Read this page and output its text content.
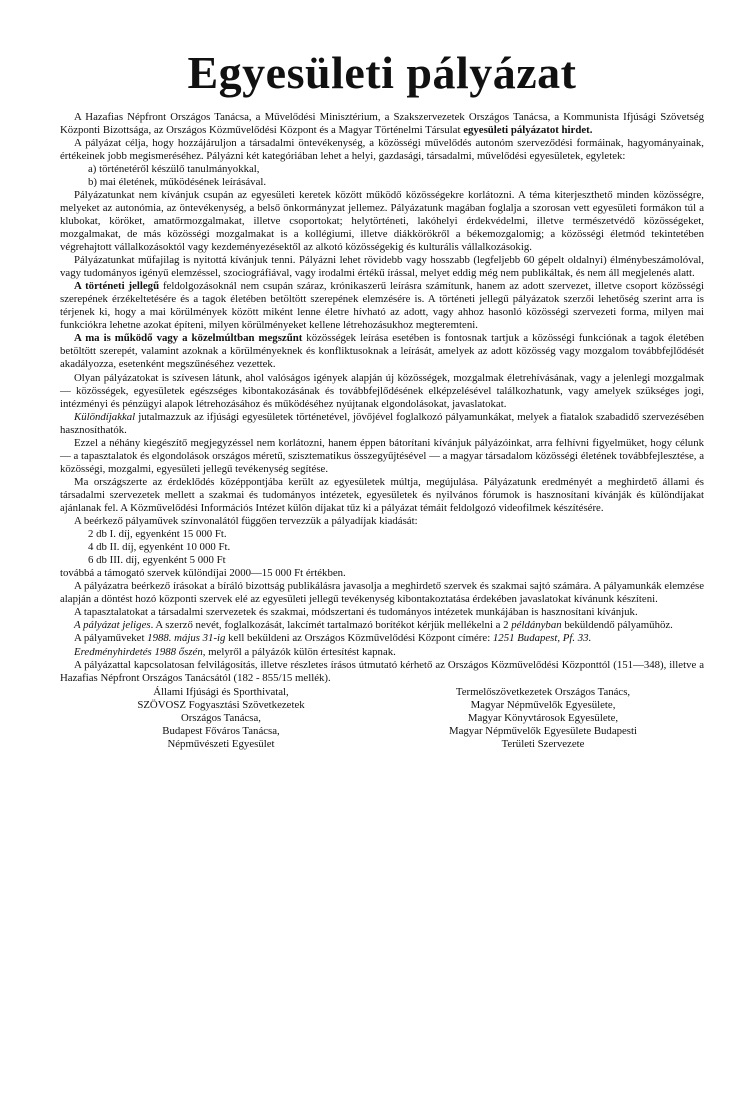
Egyesületi pályázat

A Hazafias Népfront Országos Tanácsa, a Művelődési Minisztérium, a Szakszervezetek Országos Tanácsa, a Kommunista Ifjúsági Szövetség Központi Bizottsága, az Országos Közművelődési Központ és a Magyar Történelmi Társulat egyesületi pályázatot hirdet.

A pályázat célja, hogy hozzájáruljon a társadalmi öntevékenység, a közösségi művelődés autonóm szerveződési formáinak, hagyományainak, értékeinek jobb megismeréséhez. Pályázni két kategóriában lehet a helyi, gazdasági, társadalmi, művelődési egyesületek, egyletek:

a) történetéről készülő tanulmányokkal,

b) mai életének, működésének leírásával.

Pályázatunkat nem kívánjuk csupán az egyesületi keretek között működő közösségekre korlátozni. A téma kiterjeszthető minden közösségre, melyeket az autonómia, az öntevékenység, a belső önkormányzat jellemez. Pályázatunk magában foglalja a szorosan vett egyesületi formákon túl a klubokat, köröket, amatőrmozgalmakat, illetve csoportokat; helytörténeti, lakóhelyi érdekvédelmi, illetve természetvédő közösségeket, mozgalmakat, de más közösségi mozgalmakat is a kollégiumi, illetve diákkörökről a békemozgalomig; a közösségi életmód tekintetében végrehajtott vállalkozásoktól vagy kezdeményezésektől az alkotó közösségekig és kulturális vállalkozásokig.

Pályázatunkat műfajilag is nyitottá kívánjuk tenni. Pályázni lehet rövidebb vagy hosszabb (legfeljebb 60 gépelt oldalnyi) élménybeszámolóval, vagy tudományos igényű elemzéssel, szociográfiával, vagy irodalmi értékű írással, melyet eddig még nem publikáltak, és nem áll megjelenés alatt.

A történeti jellegű feldolgozásoknál nem csupán száraz, krónikaszerű leírásra számítunk, hanem az adott szervezet, illetve csoport közösségi szerepének érzékeltetésére és a tagok életében betöltött szerepének elemzésére is. A történeti jellegű pályázatok szerzői lehetőség szerint arra is térjenek ki, hogy a mai körülmények között miként lenne életre hívható az adott, vagy ahhoz hasonló közösségi szervezeti forma, milyen mai funkciókra lehetne azokat építeni, milyen körülményeket kellene létrehozásukhoz megteremteni.

A ma is működő vagy a közelmúltban megszűnt közösségek leírása esetében is fontosnak tartjuk a közösségi funkciónak a tagok életében betöltött szerepét, valamint azoknak a körülményeknek és konfliktusoknak a leírását, amelyek az adott közösség vagy mozgalom továbbfejlődését akadályozza, esetenként megszűnéséhez vezettek.

Olyan pályázatokat is szívesen látunk, ahol valóságos igények alapján új közösségek, mozgalmak életrehívásának, vagy a jelenlegi mozgalmak — közösségek, egyesületek egészséges kibontakozásának és továbbfejlődésének elképzelésével találkozhatunk, vagy amelyek szükséges jogi, intézményi és pénzügyi alapok létrehozásához és működéséhez nyújtanak elgondolásokat, javaslatokat.

Különdíjakkal jutalmazzuk az ifjúsági egyesületek történetével, jövőjével foglalkozó pályamunkákat, melyek a fiatalok szabadidő szervezésében hasznosíthatók.

Ezzel a néhány kiegészítő megjegyzéssel nem korlátozni, hanem éppen bátorítani kívánjuk pályázóinkat, arra felhívni figyelmüket, hogy célunk — a tapasztalatok és elgondolások országos méretű, szisztematikus összegyűjtésével — a magyar társadalom közösségi életének továbbfejlesztése, a közösségi, mozgalmi, egyesületi jellegű tevékenység segítése.

Ma országszerte az érdeklődés középpontjába került az egyesületek múltja, megújulása. Pályázatunk eredményét a meghirdető állami és társadalmi szervezetek mellett a szakmai és tudományos intézetek, egyesületek és nyilvános fórumok is hasznosítani kívánják és különdíjakat ajánlanak fel. A Közművelődési Információs Intézet külön díjakat tűz ki a pályázat témáit feldolgozó videofilmek készítésére.

A beérkező pályaművek színvonalától függően tervezzük a pályadíjak kiadását:

2 db I. díj, egyenként 15 000 Ft.

4 db II. díj, egyenként 10 000 Ft.

6 db III. díj, egyenként 5 000 Ft

továbbá a támogató szervek különdíjai 2000—15 000 Ft értékben.

A pályázatra beérkező írásokat a bíráló bizottság publikálásra javasolja a meghirdető szervek és szakmai sajtó számára. A pályamunkák elemzése alapján a döntést hozó központi szervek elé az egyesületi jellegű tevékenység kibontakoztatása érdekében javaslatokat kívánunk készíteni.

A tapasztalatokat a társadalmi szervezetek és szakmai, módszertani és tudományos intézetek munkájában is hasznosítani kívánjuk.

A pályázat jeliges. A szerző nevét, foglalkozását, lakcímét tartalmazó borítékot kérjük mellékelni a 2 példányban beküldendő pályaműhöz.

A pályaműveket 1988. május 31-ig kell beküldeni az Országos Közművelődési Központ címére: 1251 Budapest, Pf. 33.

Eredményhirdetés 1988 őszén, melyről a pályázók külön értesítést kapnak.

A pályázattal kapcsolatosan felvilágosítás, illetve részletes írásos útmutató kérhető az Országos Közművelődési Központtól (151—348), illetve a Hazafias Népfront Országos Tanácsától (182 - 855/15 mellék).

Állami Ifjúsági és Sporthivatal,
SZÖVOSZ Fogyasztási Szövetkezetek
Országos Tanácsa,
Budapest Főváros Tanácsa,
Népművészeti Egyesület
Termelőszövetkezetek Országos Tanács,
Magyar Népművelők Egyesülete,
Magyar Könyvtárosok Egyesülete,
Magyar Népművelők Egyesülete Budapesti
Területi Szervezete
